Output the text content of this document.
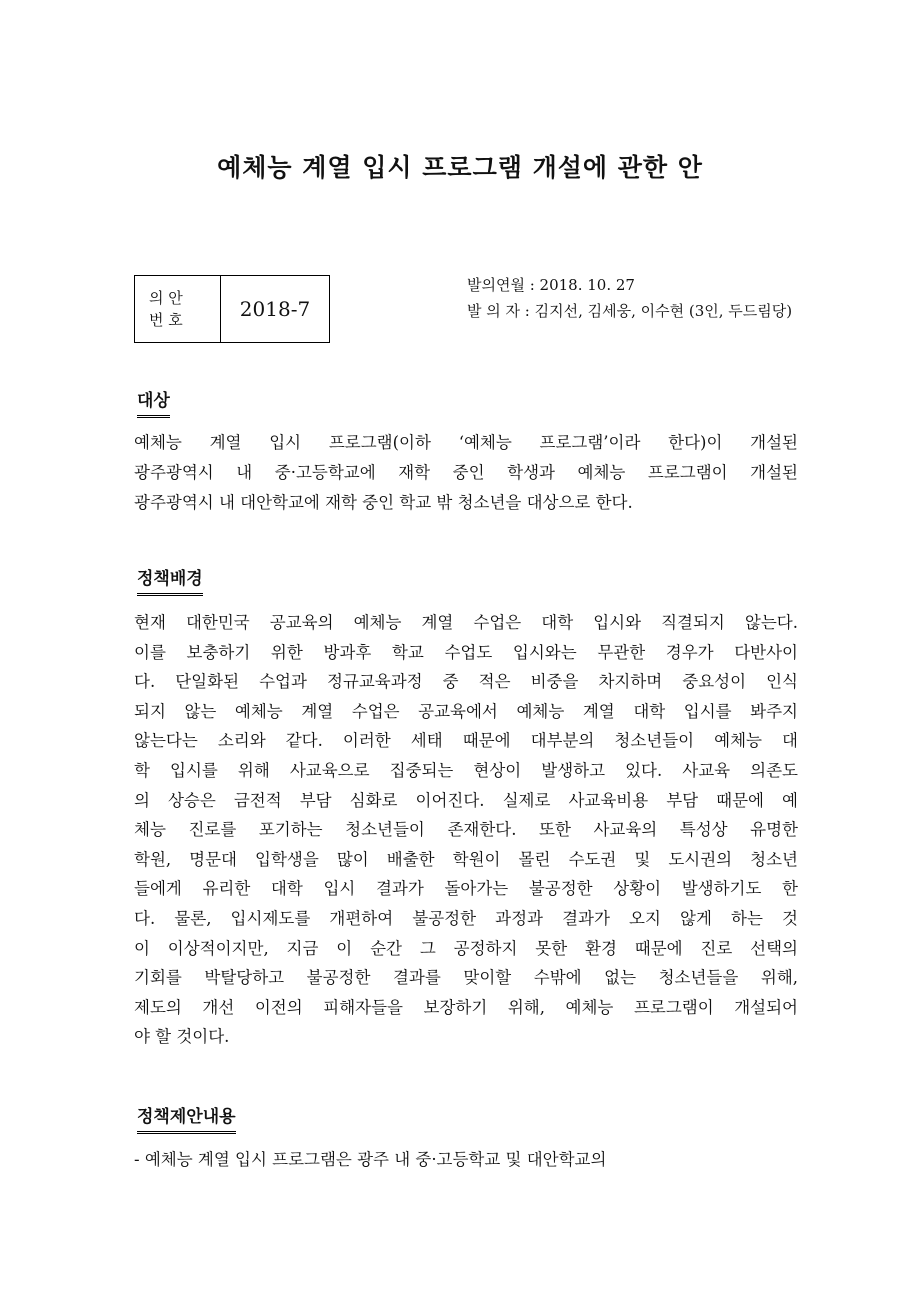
예체능 계열 입시 프로그램 개설에 관한 안
의 안
번 호	2018-7
발의연월 : 2018. 10. 27
발 의 자 : 김지선, 김세웅, 이수현 (3인, 두드림당)
대상
예체능 계열 입시 프로그램(이하 ‘예체능 프로그램’이라 한다)이 개설된
광주광역시 내 중·고등학교에 재학 중인 학생과 예체능 프로그램이 개설된
광주광역시 내 대안학교에 재학 중인 학교 밖 청소년을 대상으로 한다.
정책배경
현재 대한민국 공교육의 예체능 계열 수업은 대학 입시와 직결되지 않는다.
이를 보충하기 위한 방과후 학교 수업도 입시와는 무관한 경우가 다반사이
다. 단일화된 수업과 정규교육과정 중 적은 비중을 차지하며 중요성이 인식
되지 않는 예체능 계열 수업은 공교육에서 예체능 계열 대학 입시를 봐주지
않는다는 소리와 같다. 이러한 세태 때문에 대부분의 청소년들이 예체능 대
학 입시를 위해 사교육으로 집중되는 현상이 발생하고 있다. 사교육 의존도
의 상승은 금전적 부담 심화로 이어진다. 실제로 사교육비용 부담 때문에 예
체능 진로를 포기하는 청소년들이 존재한다. 또한 사교육의 특성상 유명한
학원, 명문대 입학생을 많이 배출한 학원이 몰린 수도권 및 도시권의 청소년
들에게 유리한 대학 입시 결과가 돌아가는 불공정한 상황이 발생하기도 한
다. 물론, 입시제도를 개편하여 불공정한 과정과 결과가 오지 않게 하는 것
이 이상적이지만, 지금 이 순간 그 공정하지 못한 환경 때문에 진로 선택의
기회를 박탈당하고 불공정한 결과를 맞이할 수밖에 없는 청소년들을 위해,
제도의 개선 이전의 피해자들을 보장하기 위해, 예체능 프로그램이 개설되어
야 할 것이다.
정책제안내용
- 예체능 계열 입시 프로그램은 광주 내 중·고등학교 및 대안학교의
